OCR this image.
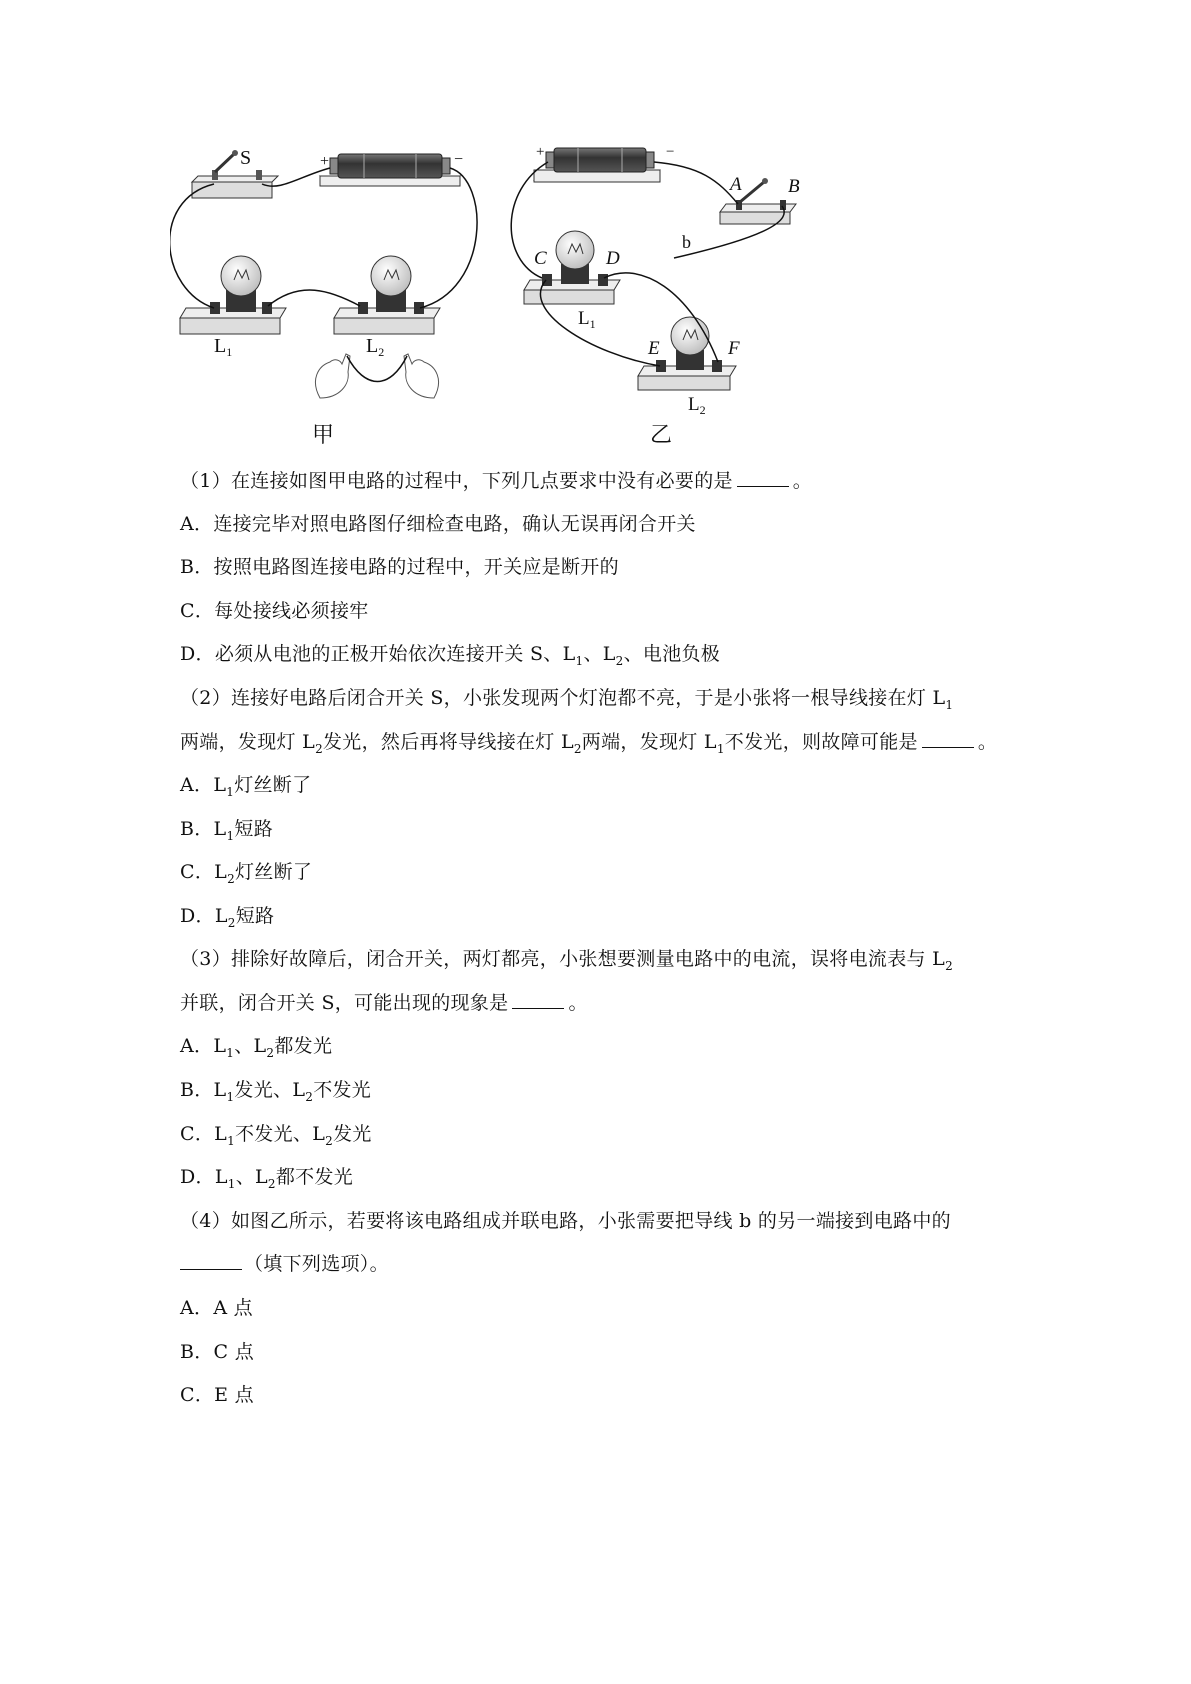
S	+	−
$L_1$	$L_2$
甲
+	−
A B
b
C	D
$L_1$
E	F
$L_2$
乙
（1）在连接如图甲电路的过程中，下列几点要求中没有必要的是	。
A．连接完毕对照电路图仔细检查电路，确认无误再闭合开关
B．按照电路图连接电路的过程中，开关应是断开的
C．每处接线必须接牢
D．必须从电池的正极开始依次连接开关 S、$L_1$、$L_2$、电池负极
（2）连接好电路后闭合开关 S，小张发现两个灯泡都不亮，于是小张将一根导线接在灯 $L_1$
两端，发现灯 $L_2$发光，然后再将导线接在灯 $L_2$两端，发现灯 $L_1$不发光，则故障可能是	。
A．$L_1$灯丝断了
B．$L_1$短路
C．$L_2$灯丝断了
D．$L_2$短路
（3）排除好故障后，闭合开关，两灯都亮，小张想要测量电路中的电流，误将电流表与 $L_2$
并联，闭合开关 S，可能出现的现象是	。
A．$L_1$、$L_2$都发光
B．$L_1$发光、$L_2$不发光
C．$L_1$不发光、$L_2$发光
D．$L_1$、$L_2$都不发光
（4）如图乙所示，若要将该电路组成并联电路，小张需要把导线 b 的另一端接到电路中的
（填下列选项）。
A．A 点
B．C 点
C．E 点
